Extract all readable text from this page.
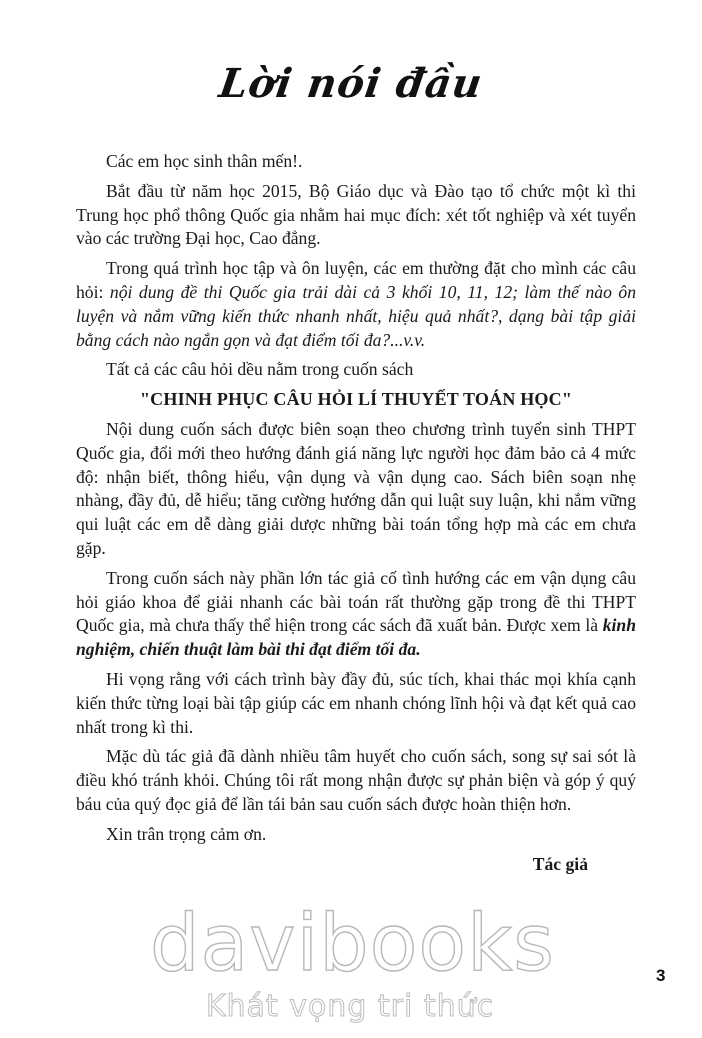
Lời nói đầu

Các em học sinh thân mến!.

Bắt đầu từ năm học 2015, Bộ Giáo dục và Đào tạo tổ chức một kì thi Trung học phổ thông Quốc gia nhằm hai mục đích: xét tốt nghiệp và xét tuyển vào các trường Đại học, Cao đẳng.

Trong quá trình học tập và ôn luyện, các em thường đặt cho mình các câu hỏi: nội dung đề thi Quốc gia trải dài cả 3 khối 10, 11, 12; làm thế nào ôn luyện và nắm vững kiến thức nhanh nhất, hiệu quả nhất?, dạng bài tập giải bằng cách nào ngắn gọn và đạt điểm tối đa?...v.v.

Tất cả các câu hỏi dều nằm trong cuốn sách

"CHINH PHỤC CÂU HỎI LÍ THUYẾT TOÁN HỌC"

Nội dung cuốn sách được biên soạn theo chương trình tuyển sinh THPT Quốc gia, đổi mới theo hướng đánh giá năng lực người học đảm bảo cả 4 mức độ: nhận biết, thông hiểu, vận dụng và vận dụng cao. Sách biên soạn nhẹ nhàng, đầy đủ, dễ hiểu; tăng cường hướng dẫn qui luật suy luận, khi nắm vững qui luật các em dễ dàng giải dược những bài toán tổng hợp mà các em chưa gặp.

Trong cuốn sách này phần lớn tác giả cố tình hướng các em vận dụng câu hỏi giáo khoa để giải nhanh các bài toán rất thường gặp trong đề thi THPT Quốc gia, mà chưa thấy thể hiện trong các sách đã xuất bản. Được xem là kinh nghiệm, chiến thuật làm bài thi đạt điểm tối đa.

Hi vọng rằng với cách trình bày đầy đủ, súc tích, khai thác mọi khía cạnh kiến thức từng loại bài tập giúp các em nhanh chóng lĩnh hội và đạt kết quả cao nhất trong kì thi.

Mặc dù tác giả đã dành nhiều tâm huyết cho cuốn sách, song sự sai sót là điều khó tránh khỏi. Chúng tôi rất mong nhận được sự phản biện và góp ý quý báu của quý đọc giả để lần tái bản sau cuốn sách được hoàn thiện hơn.

Xin trân trọng cảm ơn.

Tác giả

davibooks
Khát vọng tri thức
3
